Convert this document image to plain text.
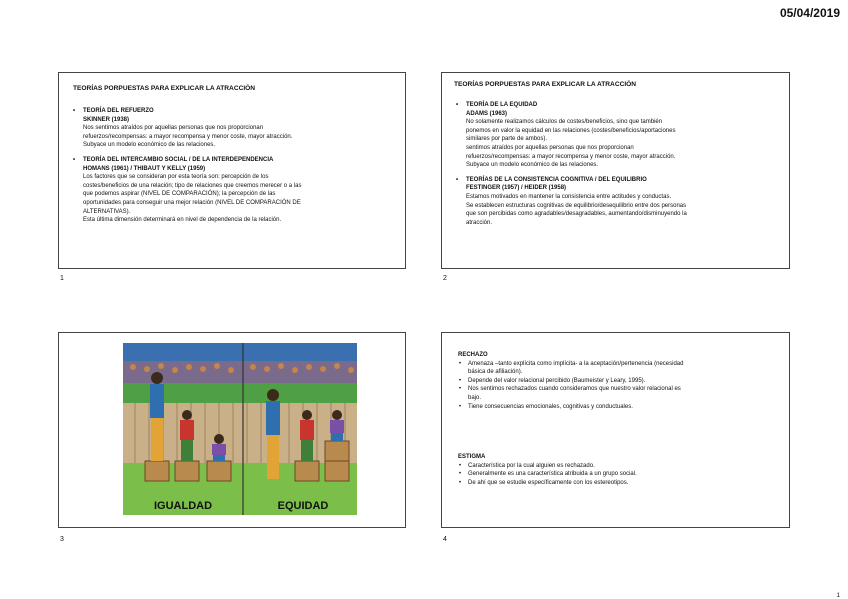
05/04/2019
TEORÍAS PORPUESTAS PARA EXPLICAR LA ATRACCIÓN

• TEORÍA DEL REFUERZO

SKINNER (1938)

Nos sentimos atraídos por aquellas personas que nos proporcionan

refuerzos/recompensas: a mayor recompensa y menor coste, mayor atracción.

Subyace un modelo económico de las relaciones.

• TEORÍA DEL INTERCAMBIO SOCIAL / DE LA INTERDEPENDENCIA

HOMANS (1961) / THIBAUT Y KELLY (1959)

Los factores que se consideran por esta teoría son: percepción de los

costes/beneficios de una relación; tipo de relaciones que creemos merecer o a las

que podemos aspirar (NIVEL DE COMPARACIÓN); la percepción de las

oportunidades para conseguir una mejor relación (NIVEL DE COMPARACIÓN DE

ALTERNATIVAS).

Esta última dimensión determinará en nivel de dependencia de la relación.

1
TEORÍAS PORPUESTAS PARA EXPLICAR LA ATRACCIÓN

• TEORÍA DE LA EQUIDAD

ADAMS (1963)

No solamente realizamos cálculos de costes/beneficios, sino que también

ponemos en valor la equidad en las relaciones (costes/beneficios/aportaciones

similares por parte de ambos).

sentimos atraídos por aquellas personas que nos proporcionan

refuerzos/recompensas: a mayor recompensa y menor coste, mayor atracción.

Subyace un modelo económico de las relaciones.

• TEORÍAS DE LA CONSISTENCIA COGNITIVA / DEL EQUILIBRIO

FESTINGER (1957) / HEIDER (1958)

Estamos motivados en mantener la consistencia entre actitudes y conductas.

Se establecen estructuras cognitivas de equilibrio/desequilibrio entre dos personas

que son percibidas como agradables/desagradables, aumentando/disminuyendo la

atracción.

2
IGUALDAD	EQUIDAD
3

RECHAZO

• Amenaza –tanto explícita como implícita- a la aceptación/pertenencia (necesidad

básica de afiliación).

• Depende del valor relacional percibido (Baumeister y Leary, 1995).

• Nos sentimos rechazados cuando consideramos que nuestro valor relacional es

bajo.

• Tiene consecuencias emocionales, cognitivas y conductuales.

ESTIGMA

• Característica por la cual alguien es rechazado.

• Generalmente es una característica atribuida a un grupo social.

• De ahí que se estudie específicamente con los estereotipos.

4
1
